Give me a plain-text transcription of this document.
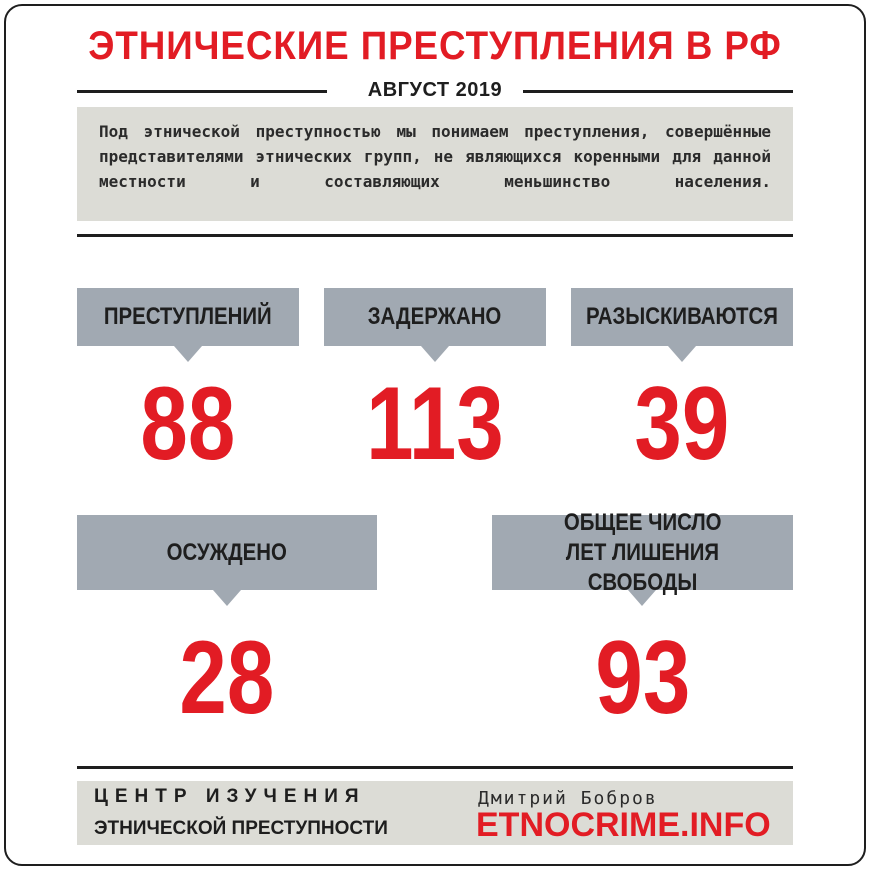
ЭТНИЧЕСКИЕ ПРЕСТУПЛЕНИЯ В РФ
АВГУСТ 2019
Под этнической преступностью мы понимаем преступления, совершённые представителями этнических групп, не являющихся коренными для данной местности и составляющих меньшинство населения.
ПРЕСТУПЛЕНИЙ
88
ЗАДЕРЖАНО
113
РАЗЫСКИВАЮТСЯ
39
ОСУЖДЕНО
28
ОБЩЕЕ ЧИСЛО
ЛЕТ ЛИШЕНИЯ СВОБОДЫ
93
ЦЕНТР ИЗУЧЕНИЯ
ЭТНИЧЕСКОЙ ПРЕСТУПНОСТИ
Дмитрий Бобров
ETNOCRIME.INFO
